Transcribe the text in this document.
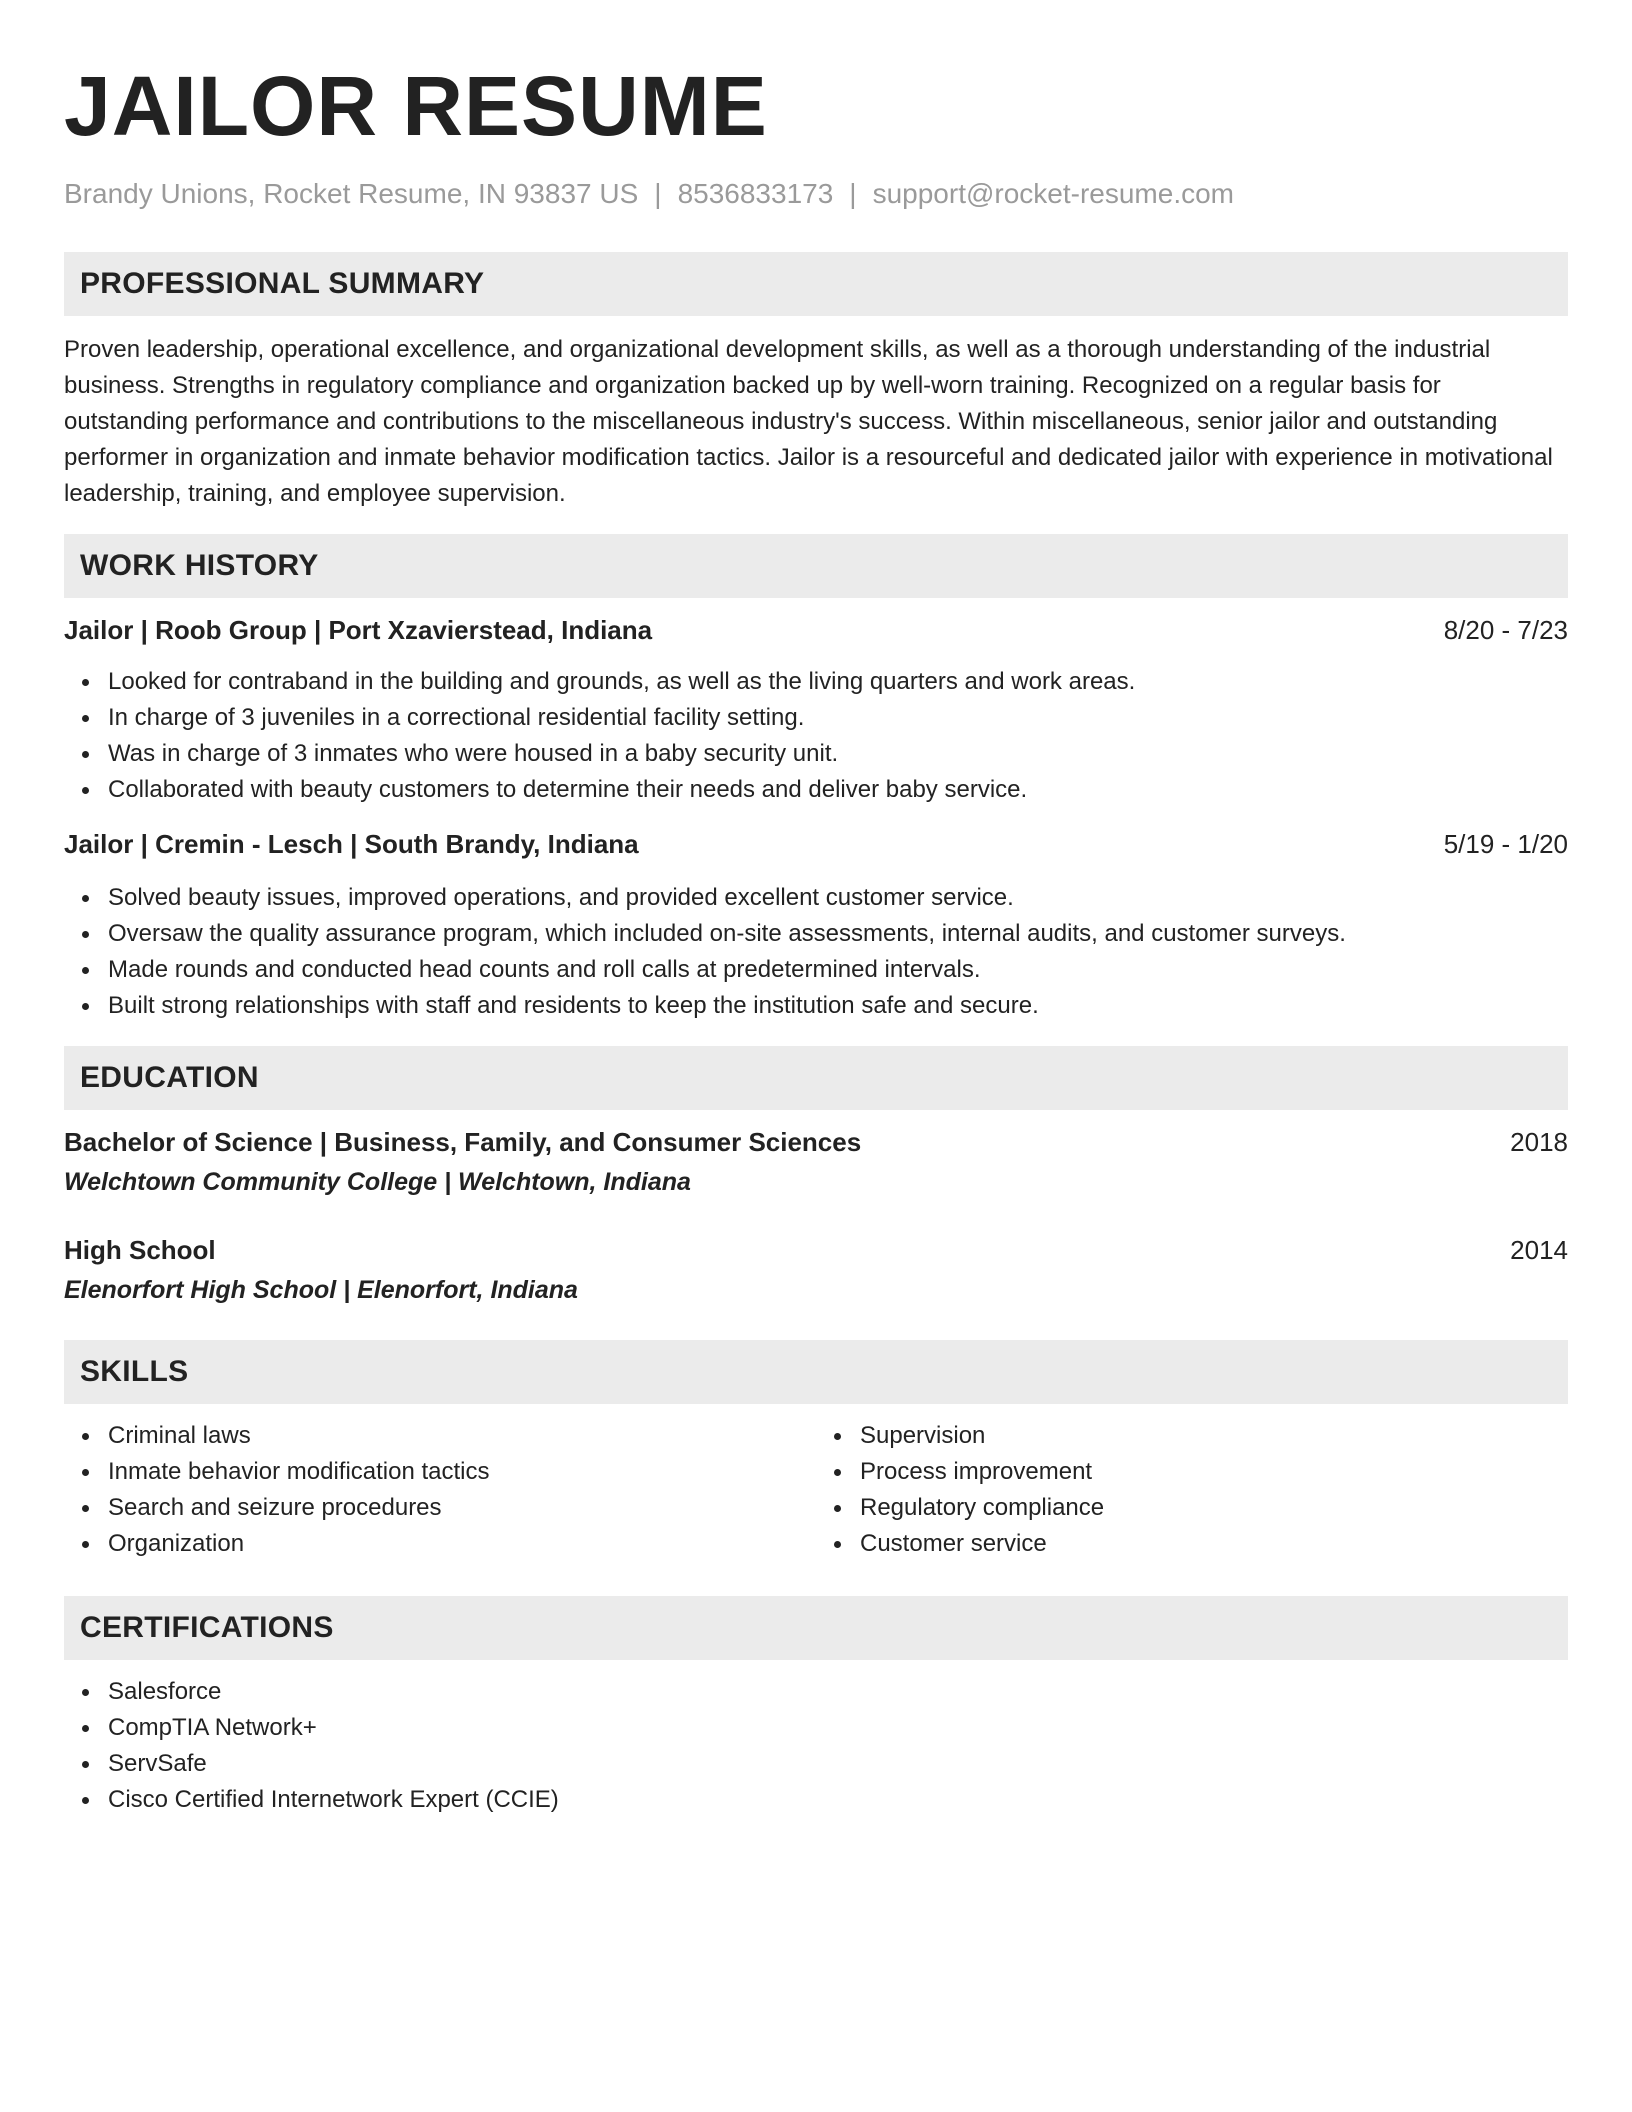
JAILOR RESUME
Brandy Unions, Rocket Resume, IN 93837 US | 8536833173 | support@rocket-resume.com
PROFESSIONAL SUMMARY

Proven leadership, operational excellence, and organizational development skills, as well as a thorough understanding of the industrial business. Strengths in regulatory compliance and organization backed up by well-worn training. Recognized on a regular basis for outstanding performance and contributions to the miscellaneous industry's success. Within miscellaneous, senior jailor and outstanding performer in organization and inmate behavior modification tactics. Jailor is a resourceful and dedicated jailor with experience in motivational leadership, training, and employee supervision.

WORK HISTORY
Jailor | Roob Group | Port Xzavierstead, Indiana	8/20 - 7/23
Looked for contraband in the building and grounds, as well as the living quarters and work areas.
In charge of 3 juveniles in a correctional residential facility setting.
Was in charge of 3 inmates who were housed in a baby security unit.
Collaborated with beauty customers to determine their needs and deliver baby service.
Jailor | Cremin - Lesch | South Brandy, Indiana	5/19 - 1/20
Solved beauty issues, improved operations, and provided excellent customer service.
Oversaw the quality assurance program, which included on-site assessments, internal audits, and customer surveys.
Made rounds and conducted head counts and roll calls at predetermined intervals.
Built strong relationships with staff and residents to keep the institution safe and secure.
EDUCATION
Bachelor of Science | Business, Family, and Consumer Sciences	2018
Welchtown Community College | Welchtown, Indiana
High School	2014
Elenorfort High School | Elenorfort, Indiana
SKILLS
Criminal laws
Inmate behavior modification tactics
Search and seizure procedures
Organization
Supervision
Process improvement
Regulatory compliance
Customer service
CERTIFICATIONS
Salesforce
CompTIA Network+
ServSafe
Cisco Certified Internetwork Expert (CCIE)
